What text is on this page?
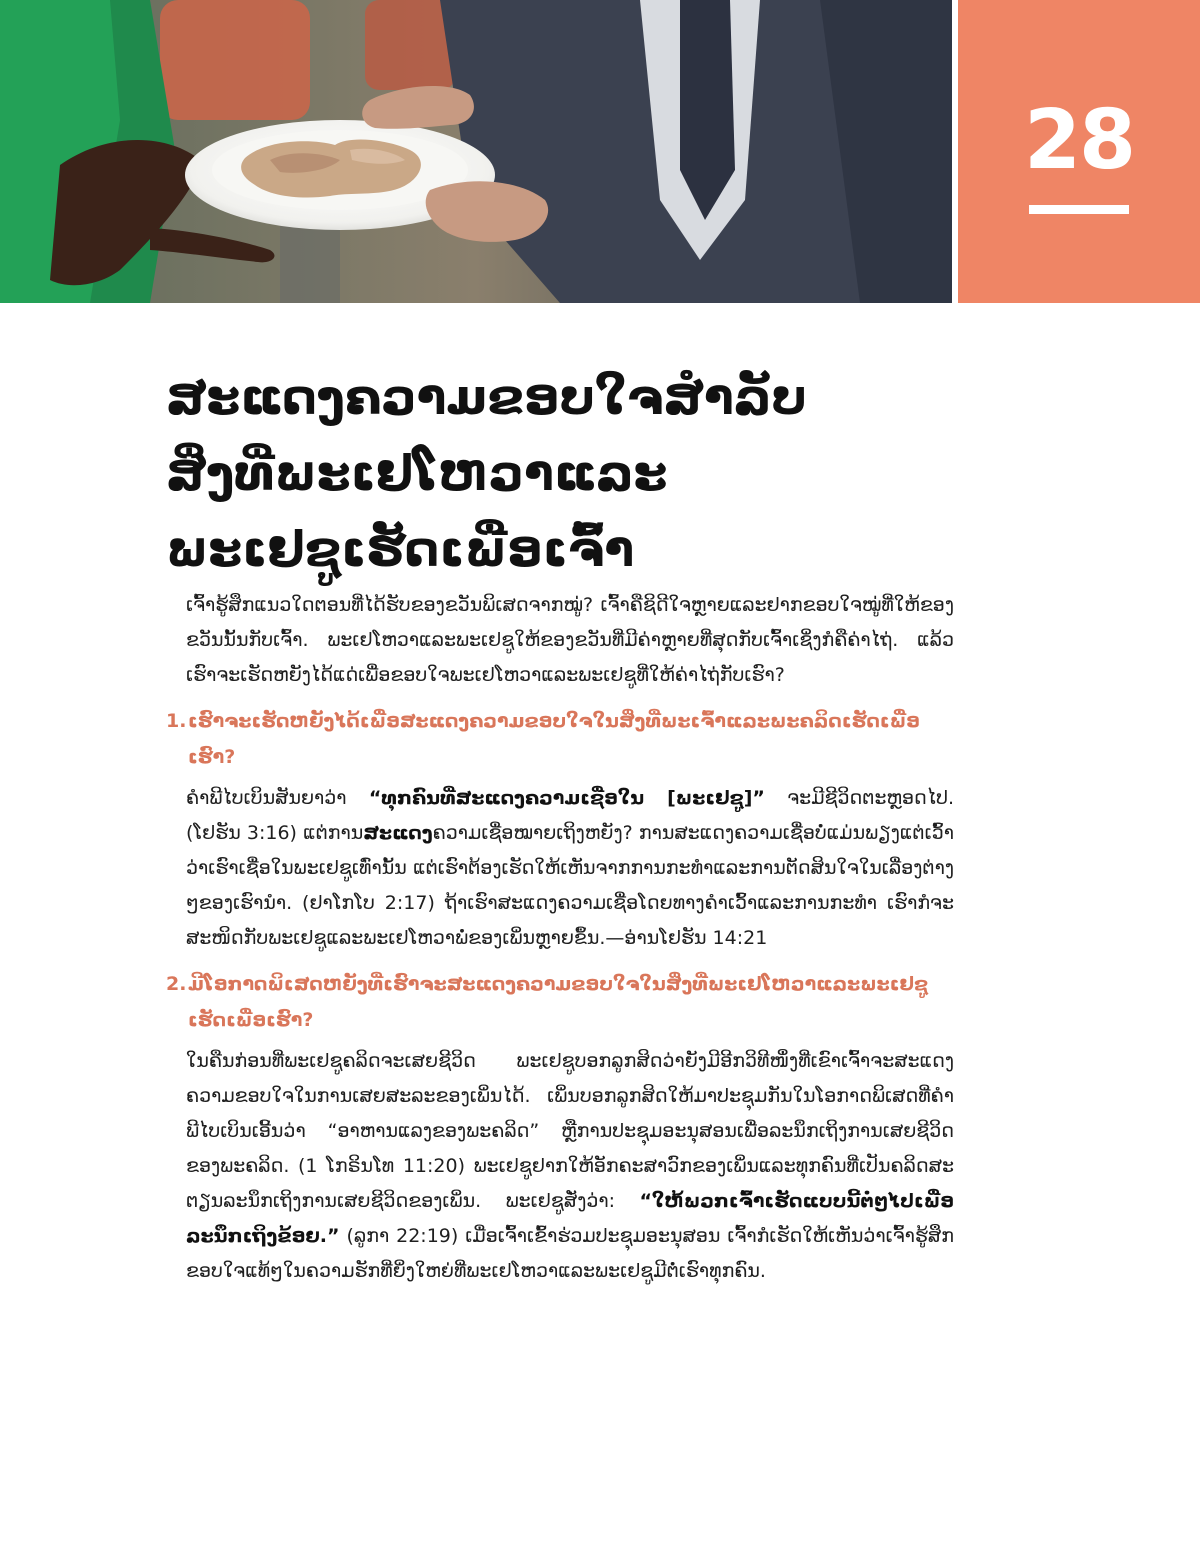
28
ສະແດງຄວາມຂອບໃຈສຳລັບ
ສິ່ງທີ່ພະເຢໂຫວາແລະ
ພະເຢຊູເຮັດເພື່ອເຈົ້າ

ເຈົ້າຮູ້ສຶກແນວໃດຕອນທີ່ໄດ້ຮັບຂອງຂວັນພິເສດຈາກໝູ່? ເຈົ້າຄືຊິດີໃຈຫຼາຍແລະຢາກຂອບໃຈໝູ່ທີ່ໃຫ້ຂອງຂວັນນັ້ນກັບເຈົ້າ. ພະເຢໂຫວາແລະພະເຢຊູໃຫ້ຂອງຂວັນທີ່ມີຄ່າຫຼາຍທີ່ສຸດກັບເຈົ້າເຊິ່ງກໍຄືຄ່າໄຖ່. ແລ້ວເຮົາຈະເຮັດຫຍັງໄດ້ແດ່ເພື່ອຂອບໃຈພະເຢໂຫວາແລະພະເຢຊູທີ່ໃຫ້ຄ່າໄຖ່ກັບເຮົາ?

1. ເຮົາຈະເຮັດຫຍັງໄດ້ເພື່ອສະແດງຄວາມຂອບໃຈໃນສິ່ງທີ່ພະເຈົ້າແລະພະຄລິດເຮັດເພື່ອເຮົາ?

ຄຳພີໄບເບິນສັນຍາວ່າ “ທຸກຄົນທີ່ສະແດງຄວາມເຊື່ອໃນ [ພະເຢຊູ]” ຈະມີຊີວິດຕະຫຼອດໄປ. (ໂຢຮັນ 3:16) ແຕ່ການສະແດງຄວາມເຊື່ອໝາຍເຖິງຫຍັງ? ການສະແດງຄວາມເຊື່ອບໍ່ແມ່ນພຽງແຕ່ເວົ້າວ່າເຮົາເຊື່ອໃນພະເຢຊູເທົ່ານັ້ນ ແຕ່ເຮົາຕ້ອງເຮັດໃຫ້ເຫັນຈາກການກະທຳແລະການຕັດສິນໃຈໃນເລື່ອງຕ່າງໆຂອງເຮົານຳ. (ຢາໂກໂບ 2:17) ຖ້າເຮົາສະແດງຄວາມເຊື່ອໂດຍທາງຄຳເວົ້າແລະການກະທຳ ເຮົາກໍຈະສະໜິດກັບພະເຢຊູແລະພະເຢໂຫວາພໍ່ຂອງເພິ່ນຫຼາຍຂຶ້ນ.—ອ່ານໂຢຮັນ 14:21

2. ມີໂອກາດພິເສດຫຍັງທີ່ເຮົາຈະສະແດງຄວາມຂອບໃຈໃນສິ່ງທີ່ພະເຢໂຫວາແລະພະເຢຊູເຮັດເພື່ອເຮົາ?

ໃນຄືນກ່ອນທີ່ພະເຢຊູຄລິດຈະເສຍຊີວິດ ພະເຢຊູບອກລູກສິດວ່າຍັງມີອີກວິທີໜຶ່ງທີ່ເຂົາເຈົ້າຈະສະແດງຄວາມຂອບໃຈໃນການເສຍສະລະຂອງເພິ່ນໄດ້. ເພິ່ນບອກລູກສິດໃຫ້ມາປະຊຸມກັນໃນໂອກາດພິເສດທີ່ຄຳພີໄບເບິນເອີ້ນວ່າ “ອາຫານແລງຂອງພະຄລິດ” ຫຼືການປະຊຸມອະນຸສອນເພື່ອລະນຶກເຖິງການເສຍຊີວິດຂອງພະຄລິດ. (1 ໂກຣິນໂທ 11:20) ພະເຢຊູຢາກໃຫ້ອັກຄະສາວົກຂອງເພິ່ນແລະທຸກຄົນທີ່ເປັນຄລິດສະຕຽນລະນຶກເຖິງການເສຍຊີວິດຂອງເພິ່ນ. ພະເຢຊູສັ່ງວ່າ: “ໃຫ້ພວກເຈົ້າເຮັດແບບນີ້ຕໍ່ໆໄປເພື່ອລະນຶກເຖິງຂ້ອຍ.” (ລູກາ 22:19) ເມື່ອເຈົ້າເຂົ້າຮ່ວມປະຊຸມອະນຸສອນ ເຈົ້າກໍເຮັດໃຫ້ເຫັນວ່າເຈົ້າຮູ້ສຶກຂອບໃຈແທ້ໆໃນຄວາມຮັກທີ່ຍິ່ງໃຫຍ່ທີ່ພະເຢໂຫວາແລະພະເຢຊູມີຕໍ່ເຮົາທຸກຄົນ.
